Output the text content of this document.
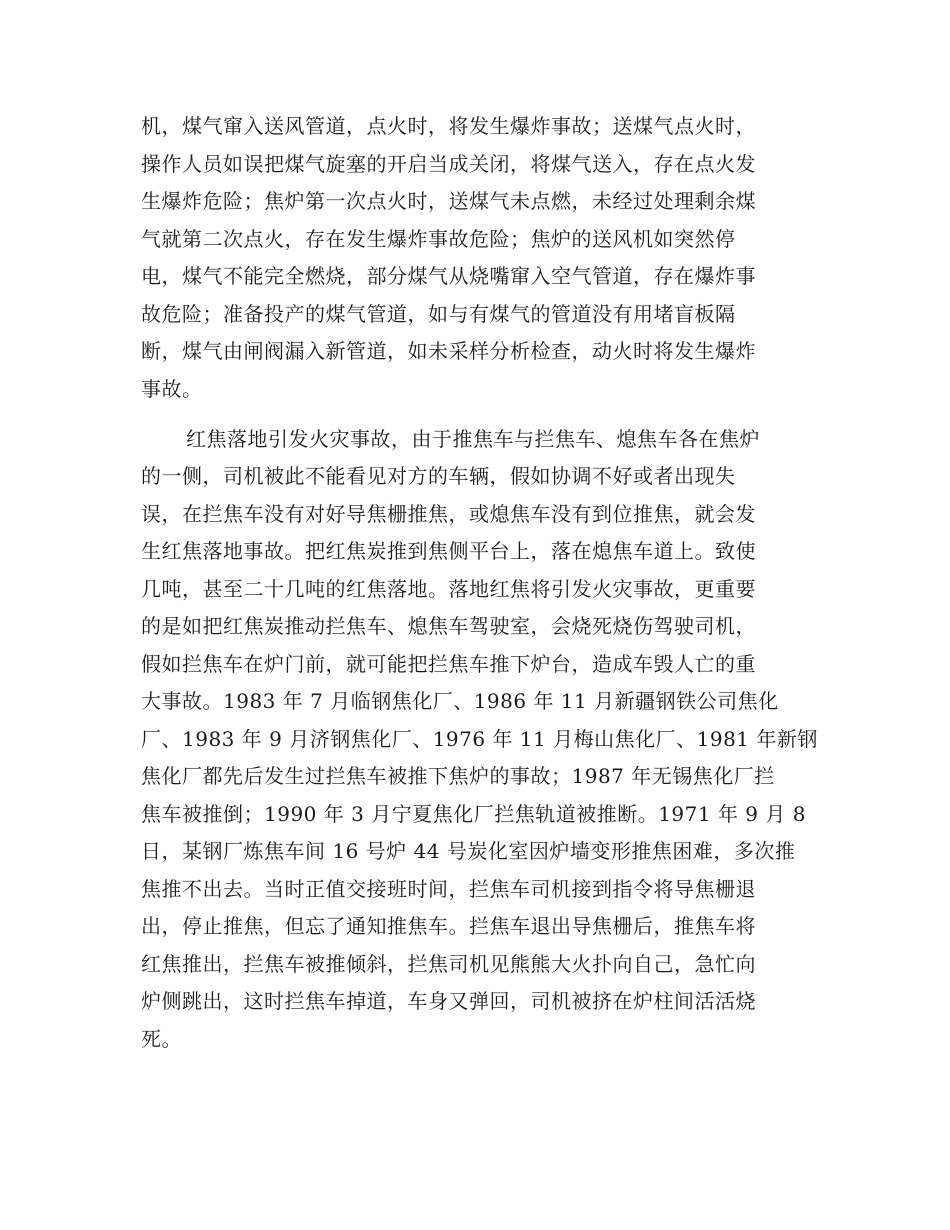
机，煤气窜入送风管道，点火时，将发生爆炸事故；送煤气点火时，
操作人员如误把煤气旋塞的开启当成关闭，将煤气送入，存在点火发
生爆炸危险；焦炉第一次点火时，送煤气未点燃，未经过处理剩余煤
气就第二次点火，存在发生爆炸事故危险；焦炉的送风机如突然停
电，煤气不能完全燃烧，部分煤气从烧嘴窜入空气管道，存在爆炸事
故危险；准备投产的煤气管道，如与有煤气的管道没有用堵盲板隔
断，煤气由闸阀漏入新管道，如未采样分析检查，动火时将发生爆炸
事故。
红焦落地引发火灾事故，由于推焦车与拦焦车、熄焦车各在焦炉
的一侧，司机被此不能看见对方的车辆，假如协调不好或者出现失
误，在拦焦车没有对好导焦栅推焦，或熄焦车没有到位推焦，就会发
生红焦落地事故。把红焦炭推到焦侧平台上，落在熄焦车道上。致使
几吨，甚至二十几吨的红焦落地。落地红焦将引发火灾事故，更重要
的是如把红焦炭推动拦焦车、熄焦车驾驶室，会烧死烧伤驾驶司机，
假如拦焦车在炉门前，就可能把拦焦车推下炉台，造成车毁人亡的重
大事故。1983 年 7 月临钢焦化厂、1986 年 11 月新疆钢铁公司焦化
厂、1983 年 9 月济钢焦化厂、1976 年 11 月梅山焦化厂、1981 年新钢
焦化厂都先后发生过拦焦车被推下焦炉的事故；1987 年无锡焦化厂拦
焦车被推倒；1990 年 3 月宁夏焦化厂拦焦轨道被推断。1971 年 9 月 8
日，某钢厂炼焦车间 16 号炉 44 号炭化室因炉墙变形推焦困难，多次推
焦推不出去。当时正值交接班时间，拦焦车司机接到指令将导焦栅退
出，停止推焦，但忘了通知推焦车。拦焦车退出导焦栅后，推焦车将
红焦推出，拦焦车被推倾斜，拦焦司机见熊熊大火扑向自己，急忙向
炉侧跳出，这时拦焦车掉道，车身又弹回，司机被挤在炉柱间活活烧
死。
